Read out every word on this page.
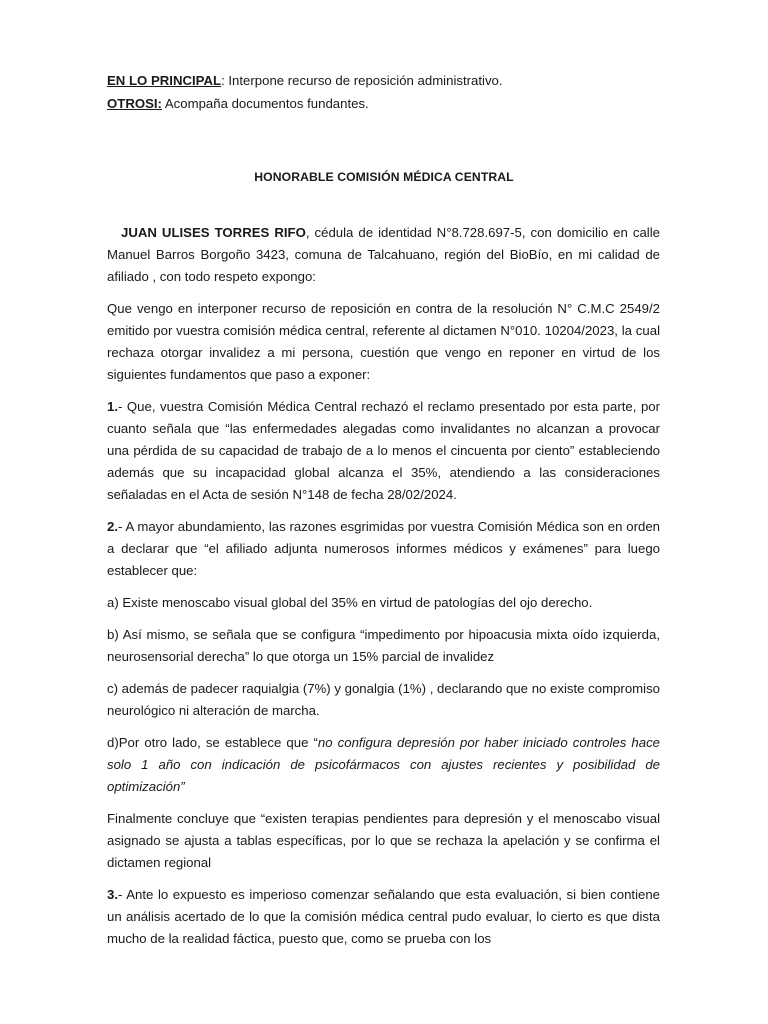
EN LO PRINCIPAL: Interpone recurso de reposición administrativo.
OTROSI: Acompaña documentos fundantes.
HONORABLE COMISIÓN MÉDICA CENTRAL

JUAN ULISES TORRES RIFO, cédula de identidad N°8.728.697-5, con domicilio en calle Manuel Barros Borgoño 3423, comuna de Talcahuano, región del BioBío, en mi calidad de afiliado , con todo respeto expongo:

Que vengo en interponer recurso de reposición en contra de la resolución N° C.M.C 2549/2 emitido por vuestra comisión médica central, referente al dictamen N°010. 10204/2023, la cual rechaza otorgar invalidez a mi persona, cuestión que vengo en reponer en virtud de los siguientes fundamentos que paso a exponer:

1.- Que, vuestra Comisión Médica Central rechazó el reclamo presentado por esta parte, por cuanto señala que “las enfermedades alegadas como invalidantes no alcanzan a provocar una pérdida de su capacidad de trabajo de a lo menos el cincuenta por ciento” estableciendo además que su incapacidad global alcanza el 35%, atendiendo a las consideraciones señaladas en el Acta de sesión N°148 de fecha 28/02/2024.

2.- A mayor abundamiento, las razones esgrimidas por vuestra Comisión Médica son en orden a declarar que “el afiliado adjunta numerosos informes médicos y exámenes” para luego establecer que:

a) Existe menoscabo visual global del 35% en virtud de patologías del ojo derecho.

b) Así mismo, se señala que se configura “impedimento por hipoacusia mixta oído izquierda, neurosensorial derecha” lo que otorga un 15% parcial de invalidez

c) además de padecer raquialgia (7%) y gonalgia (1%) , declarando que no existe compromiso neurológico ni alteración de marcha.

d)Por otro lado, se establece que “no configura depresión por haber iniciado controles hace solo 1 año con indicación de psicofármacos con ajustes recientes y posibilidad de optimización”

Finalmente concluye que “existen terapias pendientes para depresión y el menoscabo visual asignado se ajusta a tablas específicas, por lo que se rechaza la apelación y se confirma el dictamen regional

3.- Ante lo expuesto es imperioso comenzar señalando que esta evaluación, si bien contiene un análisis acertado de lo que la comisión médica central pudo evaluar, lo cierto es que dista mucho de la realidad fáctica, puesto que, como se prueba con los
